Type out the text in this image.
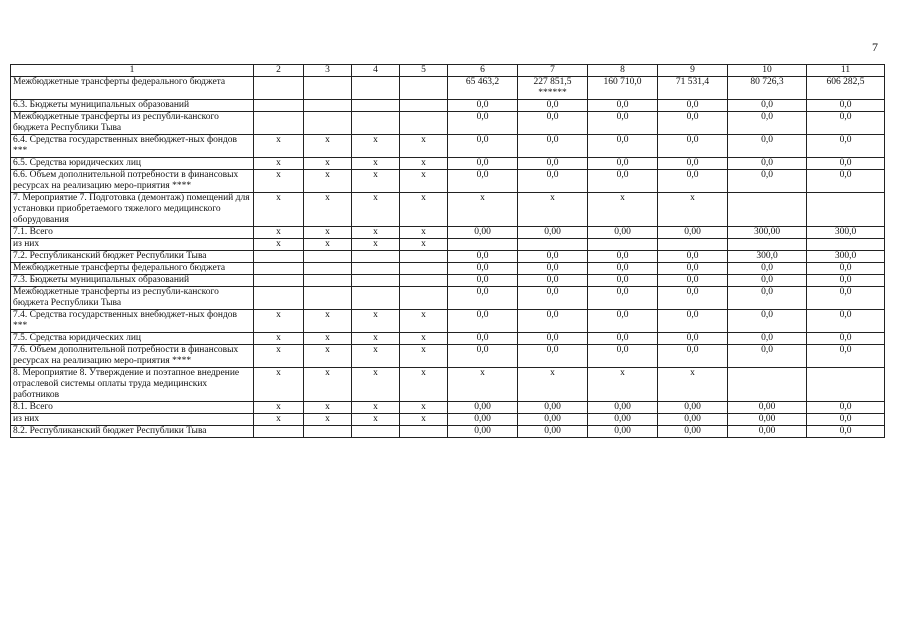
7
1	2	3	4	5	6	7	8	9	10	11
Межбюджетные трансферты федерального бюджета					65 463,2	227 851,5 ******	160 710,0	71 531,4	80 726,3	606 282,5
6.3. Бюджеты муниципальных образований					0,0	0,0	0,0	0,0	0,0	0,0
Межбюджетные трансферты из республи-канского бюджета Республики Тыва					0,0	0,0	0,0	0,0	0,0	0,0
6.4. Средства государственных внебюджет-ных фондов ***	х	х	х	х	0,0	0,0	0,0	0,0	0,0	0,0
6.5. Средства юридических лиц	х	х	х	х	0,0	0,0	0,0	0,0	0,0	0,0
6.6. Объем дополнительной потребности в финансовых ресурсах на реализацию меро-приятия ****	х	х	х	х	0,0	0,0	0,0	0,0	0,0	0,0
7. Мероприятие 7. Подготовка (демонтаж) помещений для установки приобретаемого тяжелого медицинского оборудования	х	х	х	х	х	х	х	х		
7.1. Всего	х	х	х	х	0,00	0,00	0,00	0,00	300,00	300,0
из них	х	х	х	х						
7.2. Республиканский бюджет Республики Тыва					0,0	0,0	0,0	0,0	300,0	300,0
Межбюджетные трансферты федерального бюджета					0,0	0,0	0,0	0,0	0,0	0,0
7.3. Бюджеты муниципальных образований					0,0	0,0	0,0	0,0	0,0	0,0
Межбюджетные трансферты из республи-канского бюджета Республики Тыва					0,0	0,0	0,0	0,0	0,0	0,0
7.4. Средства государственных внебюджет-ных фондов ***	х	х	х	х	0,0	0,0	0,0	0,0	0,0	0,0
7.5. Средства юридических лиц	х	х	х	х	0,0	0,0	0,0	0,0	0,0	0,0
7.6. Объем дополнительной потребности в финансовых ресурсах на реализацию меро-приятия ****	х	х	х	х	0,0	0,0	0,0	0,0	0,0	0,0
8. Мероприятие 8. Утверждение и поэтапное внедрение отраслевой системы оплаты труда медицинских работников	х	х	х	х	х	х	х	х		
8.1. Всего	х	х	х	х	0,00	0,00	0,00	0,00	0,00	0,0
из них	х	х	х	х	0,00	0,00	0,00	0,00	0,00	0,0
8.2. Республиканский бюджет Республики Тыва					0,00	0,00	0,00	0,00	0,00	0,0
